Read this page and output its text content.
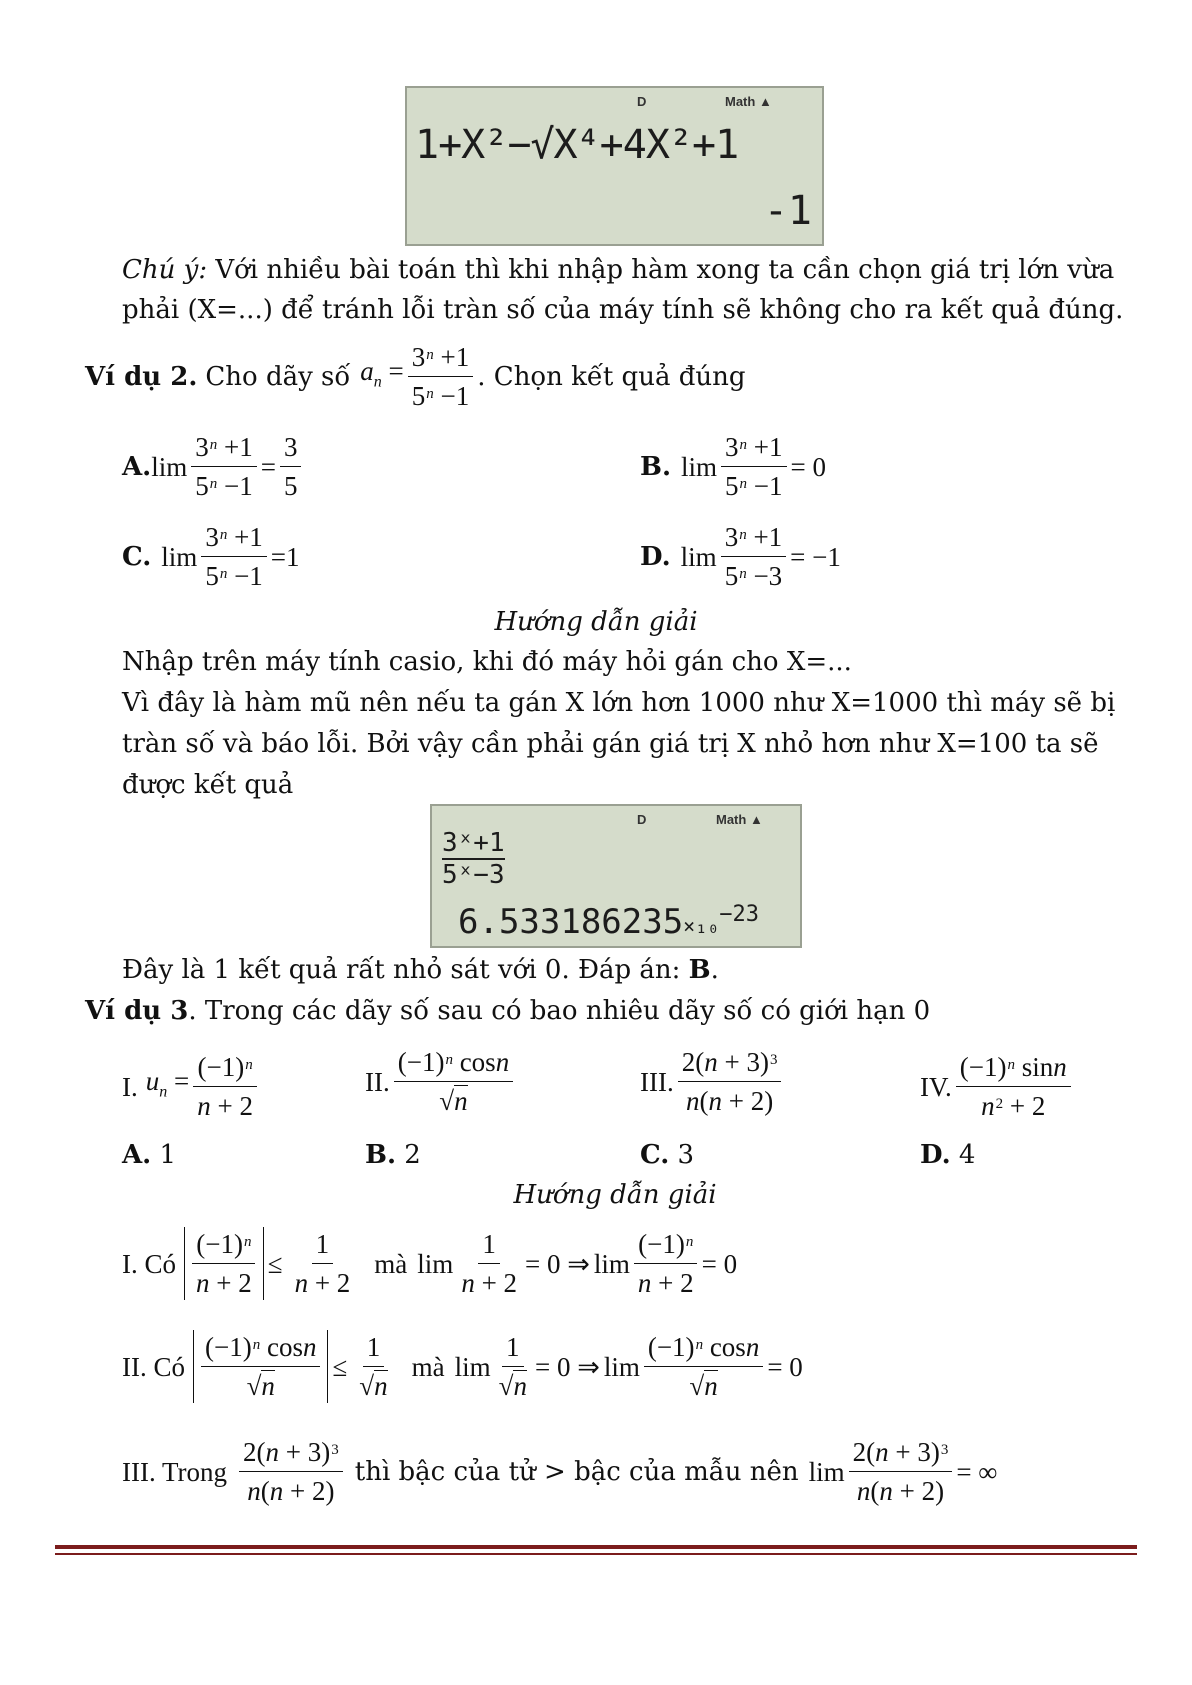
D	Math ▲
1+X²−√X⁴+4X²+1
-1
Chú ý: Với nhiều bài toán thì khi nhập hàm xong ta cần chọn giá trị lớn vừa
phải (X=...) để tránh lỗi tràn số của máy tính sẽ không cho ra kết quả đúng.
Ví dụ 2. Cho dãy số $a_n = \frac{3^n +1}{5^n -1}$ . Chọn kết quả đúng
A. $\lim \frac{3^n +1}{5^n -1} = \frac{3}{5}$	B. $\lim \frac{3^n +1}{5^n -1} = 0$
C. $\lim \frac{3^n +1}{5^n -1} =1$	D. $\lim \frac{3^n +1}{5^n -3} = -1$
Hướng dẫn giải
Nhập trên máy tính casio, khi đó máy hỏi gán cho X=...
Vì đây là hàm mũ nên nếu ta gán X lớn hơn 1000 như X=1000 thì máy sẽ bị
tràn số và báo lỗi. Bởi vậy cần phải gán giá trị X nhỏ hơn như X=100 ta sẽ
được kết quả
D	Math ▲
3ˣ+1
5ˣ−3
6.533186235×₁₀$^{-23}$
Đây là 1 kết quả rất nhỏ sát với 0. Đáp án: B.
Ví dụ 3. Trong các dãy số sau có bao nhiêu dãy số có giới hạn 0
I. $u_n = \frac{(-1)^n}{n + 2}$	II. $\frac{(-1)^n \cos n}{√n}$	III. $\frac{2(n + 3)^3}{n(n + 2)}$	IV. $\frac{(-1)^n \sin n}{n^2 + 2}$
A. 1	B. 2	C. 3	D. 4
Hướng dẫn giải
I. Có $\frac{(-1)^n}{n + 2} \le \frac{1}{n + 2}$ mà $\lim \frac{1}{n + 2} = 0$ ⇒ $\lim \frac{(-1)^n}{n + 2} = 0$
II. Có $\frac{(-1)^n \cos n}{√n} \le \frac{1}{√n}$ mà $\lim \frac{1}{√n} = 0$ ⇒ $\lim \frac{(-1)^n \cos n}{√n} = 0$
III. Trong $\frac{2(n + 3)^3}{n(n + 2)}$ thì bậc của tử > bậc của mẫu nên $\lim \frac{2(n + 3)^3}{n(n + 2)}$ = ∞
